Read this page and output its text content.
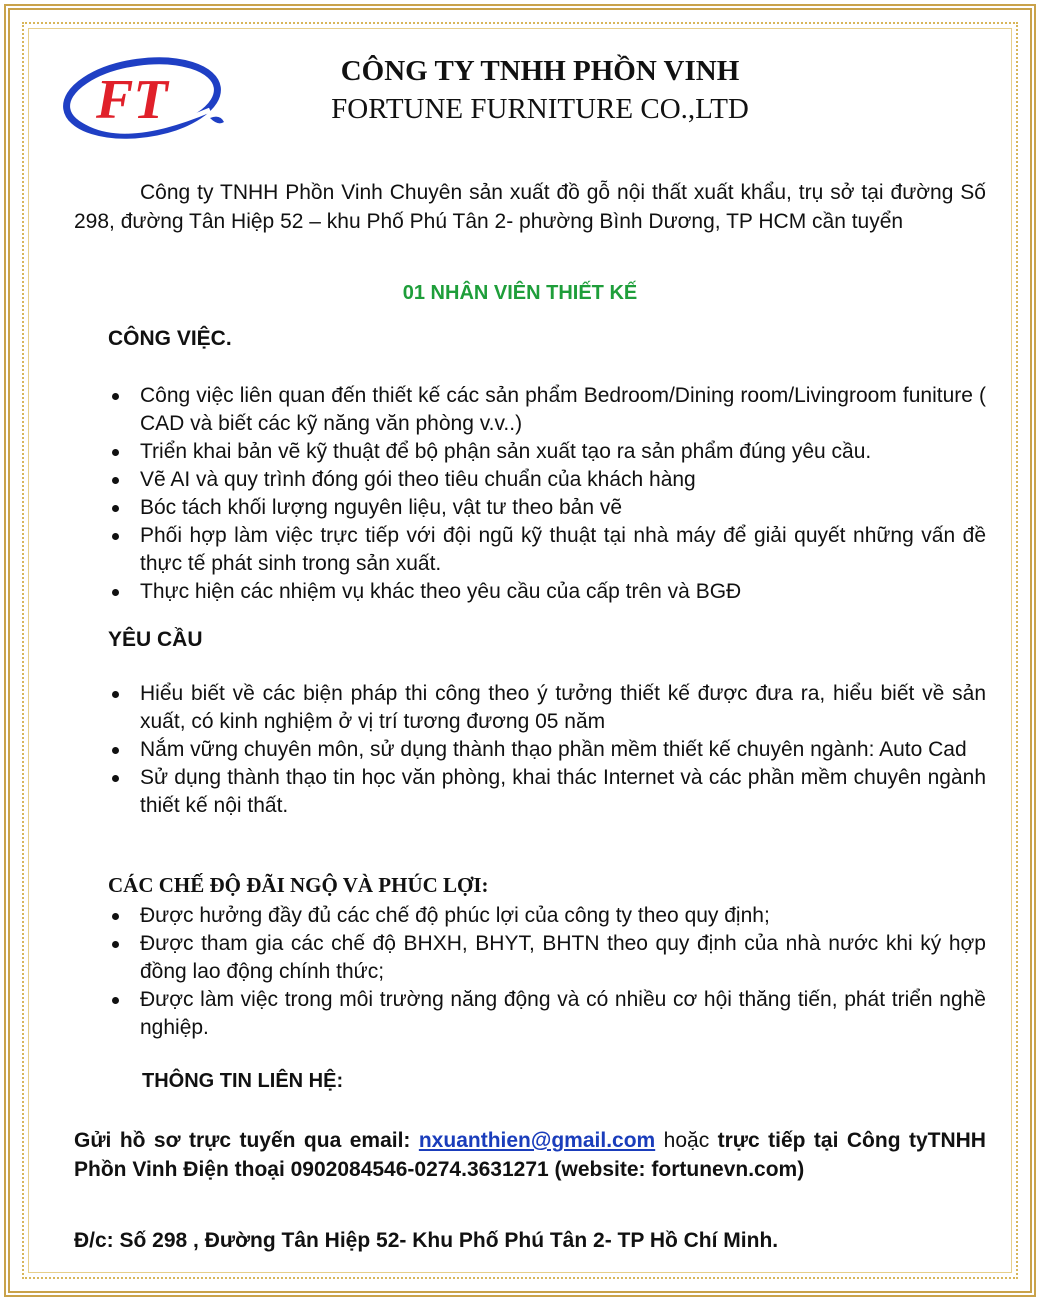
FT	CÔNG TY TNHH PHỒN VINH
FORTUNE FURNITURE CO.,LTD
Công ty TNHH Phồn Vinh Chuyên sản xuất đồ gỗ nội thất xuất khẩu, trụ sở tại đường Số 298, đường Tân Hiệp 52 – khu Phố Phú Tân 2- phường Bình Dương, TP HCM cần tuyển
01 NHÂN VIÊN THIẾT KẾ
CÔNG VIỆC.
Công việc liên quan đến thiết kế các sản phẩm Bedroom/Dining room/Livingroom funiture ( CAD và biết các kỹ năng văn phòng v.v..)
Triển khai bản vẽ kỹ thuật để bộ phận sản xuất tạo ra sản phẩm đúng yêu cầu.
Vẽ AI và quy trình đóng gói theo tiêu chuẩn của khách hàng
Bóc tách khối lượng nguyên liệu, vật tư theo bản vẽ
Phối hợp làm việc trực tiếp với đội ngũ kỹ thuật tại nhà máy để giải quyết những vấn đề thực tế phát sinh trong sản xuất.
Thực hiện các nhiệm vụ khác theo yêu cầu của cấp trên và BGĐ
YÊU CẦU
Hiểu biết về các biện pháp thi công theo ý tưởng thiết kế được đưa ra, hiểu biết về sản xuất, có kinh nghiệm ở vị trí tương đương 05 năm
Nắm vững chuyên môn, sử dụng thành thạo phần mềm thiết kế chuyên ngành: Auto Cad
Sử dụng thành thạo tin học văn phòng, khai thác Internet và các phần mềm chuyên ngành thiết kế nội thất.
CÁC CHẾ ĐỘ ĐÃI NGỘ VÀ PHÚC LỢI:
Được hưởng đầy đủ các chế độ phúc lợi của công ty theo quy định;
Được tham gia các chế độ BHXH, BHYT, BHTN theo quy định của nhà nước khi ký hợp đồng lao động chính thức;
Được làm việc trong môi trường năng động và có nhiều cơ hội thăng tiến, phát triển nghề nghiệp.
THÔNG TIN LIÊN HỆ:
Gửi hồ sơ trực tuyến qua email: nxuanthien@gmail.com hoặc trực tiếp tại Công tyTNHH Phồn Vinh Điện thoại 0902084546-0274.3631271 (website: fortunevn.com)
Đ/c: Số 298 , Đường Tân Hiệp 52- Khu Phố Phú Tân 2- TP Hồ Chí Minh.
